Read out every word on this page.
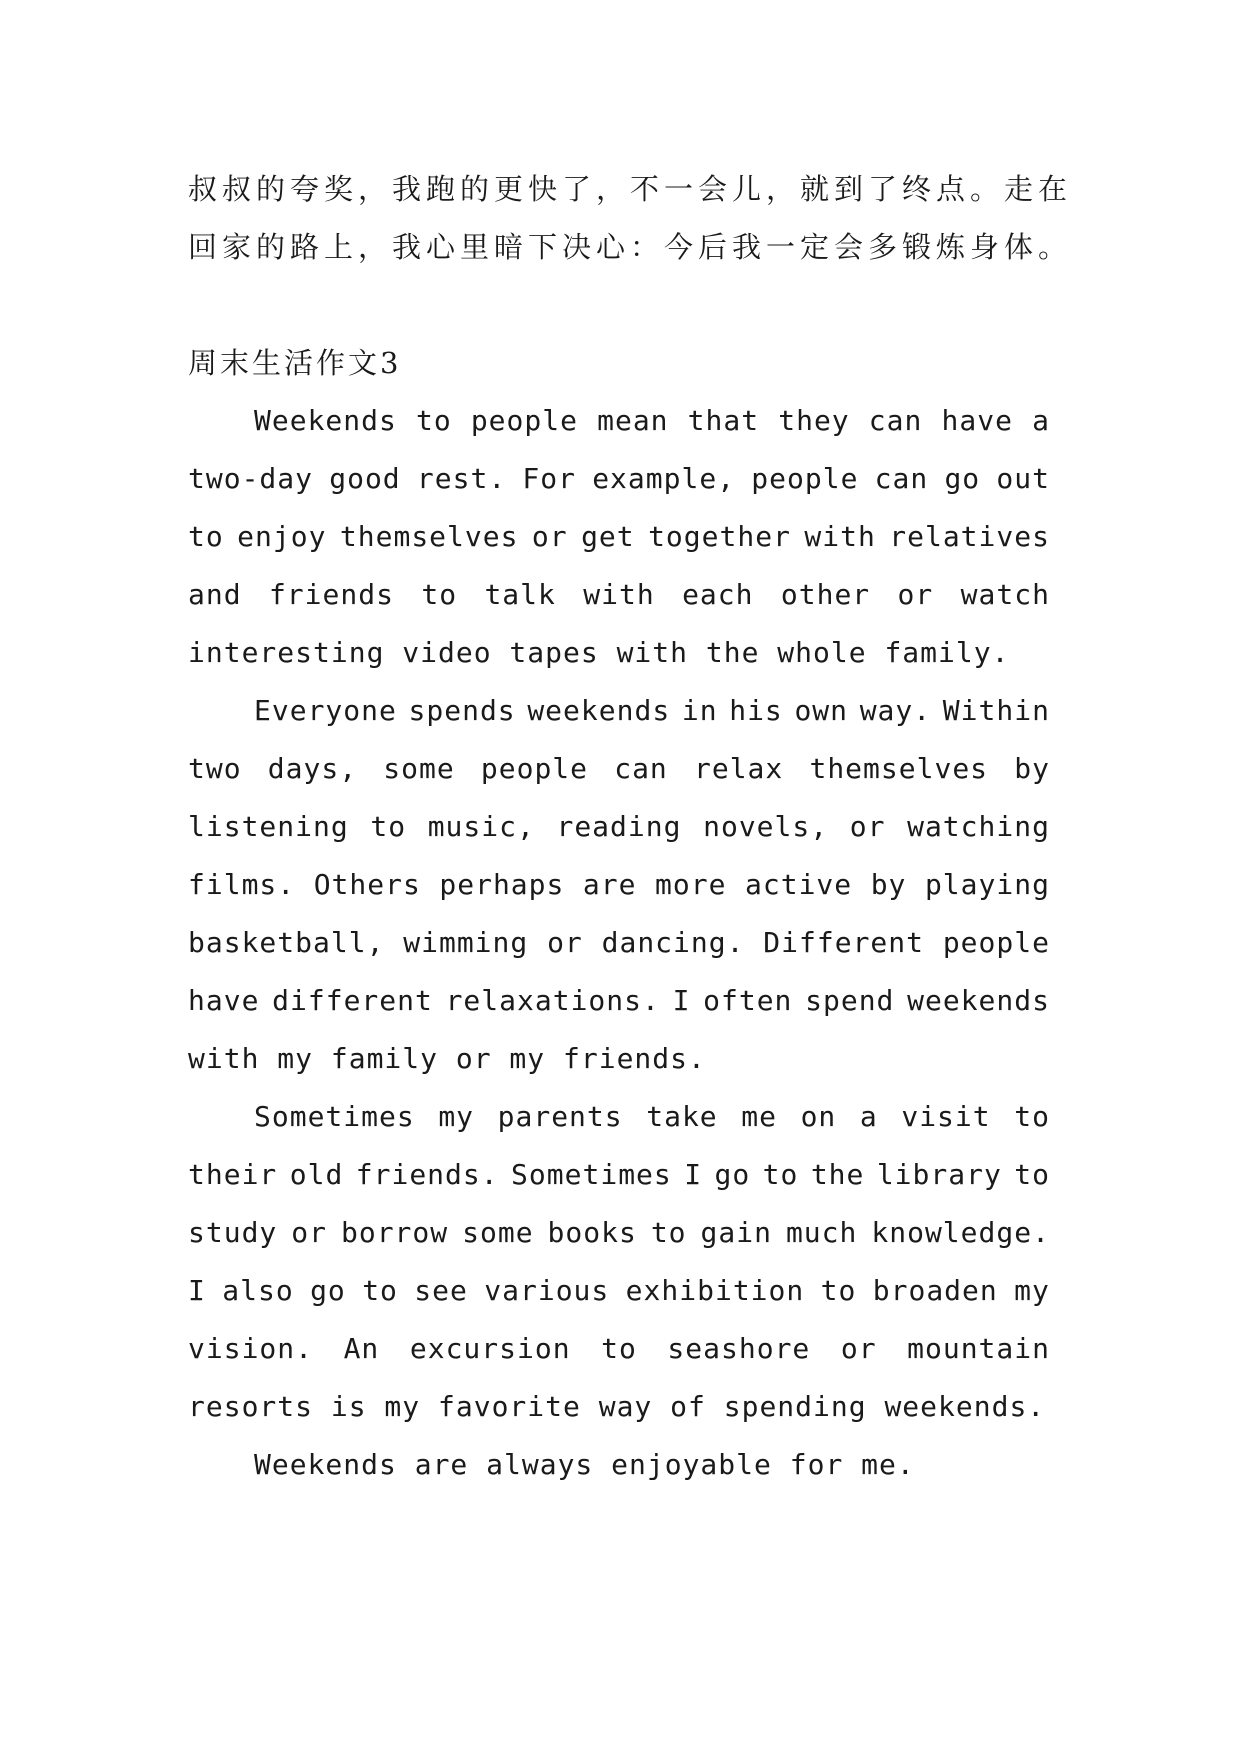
叔叔的夸奖，我跑的更快了，不一会儿，就到了终点。走在
回家的路上，我心里暗下决心：今后我一定会多锻炼身体。
周末生活作文3
Weekends to people mean that they can have a
two-day good rest. For example, people can go out
to enjoy themselves or get together with relatives
and friends to talk with each other or watch
interesting video tapes with the whole family.
Everyone spends weekends in his own way. Within
two days, some people can relax themselves by
listening to music, reading novels, or watching
films. Others perhaps are more active by playing
basketball, wimming or dancing. Different people
have different relaxations. I often spend weekends
with my family or my friends.
Sometimes my parents take me on a visit to
their old friends. Sometimes I go to the library to
study or borrow some books to gain much knowledge.
I also go to see various exhibition to broaden my
vision. An excursion to seashore or mountain
resorts is my favorite way of spending weekends.
Weekends are always enjoyable for me.
